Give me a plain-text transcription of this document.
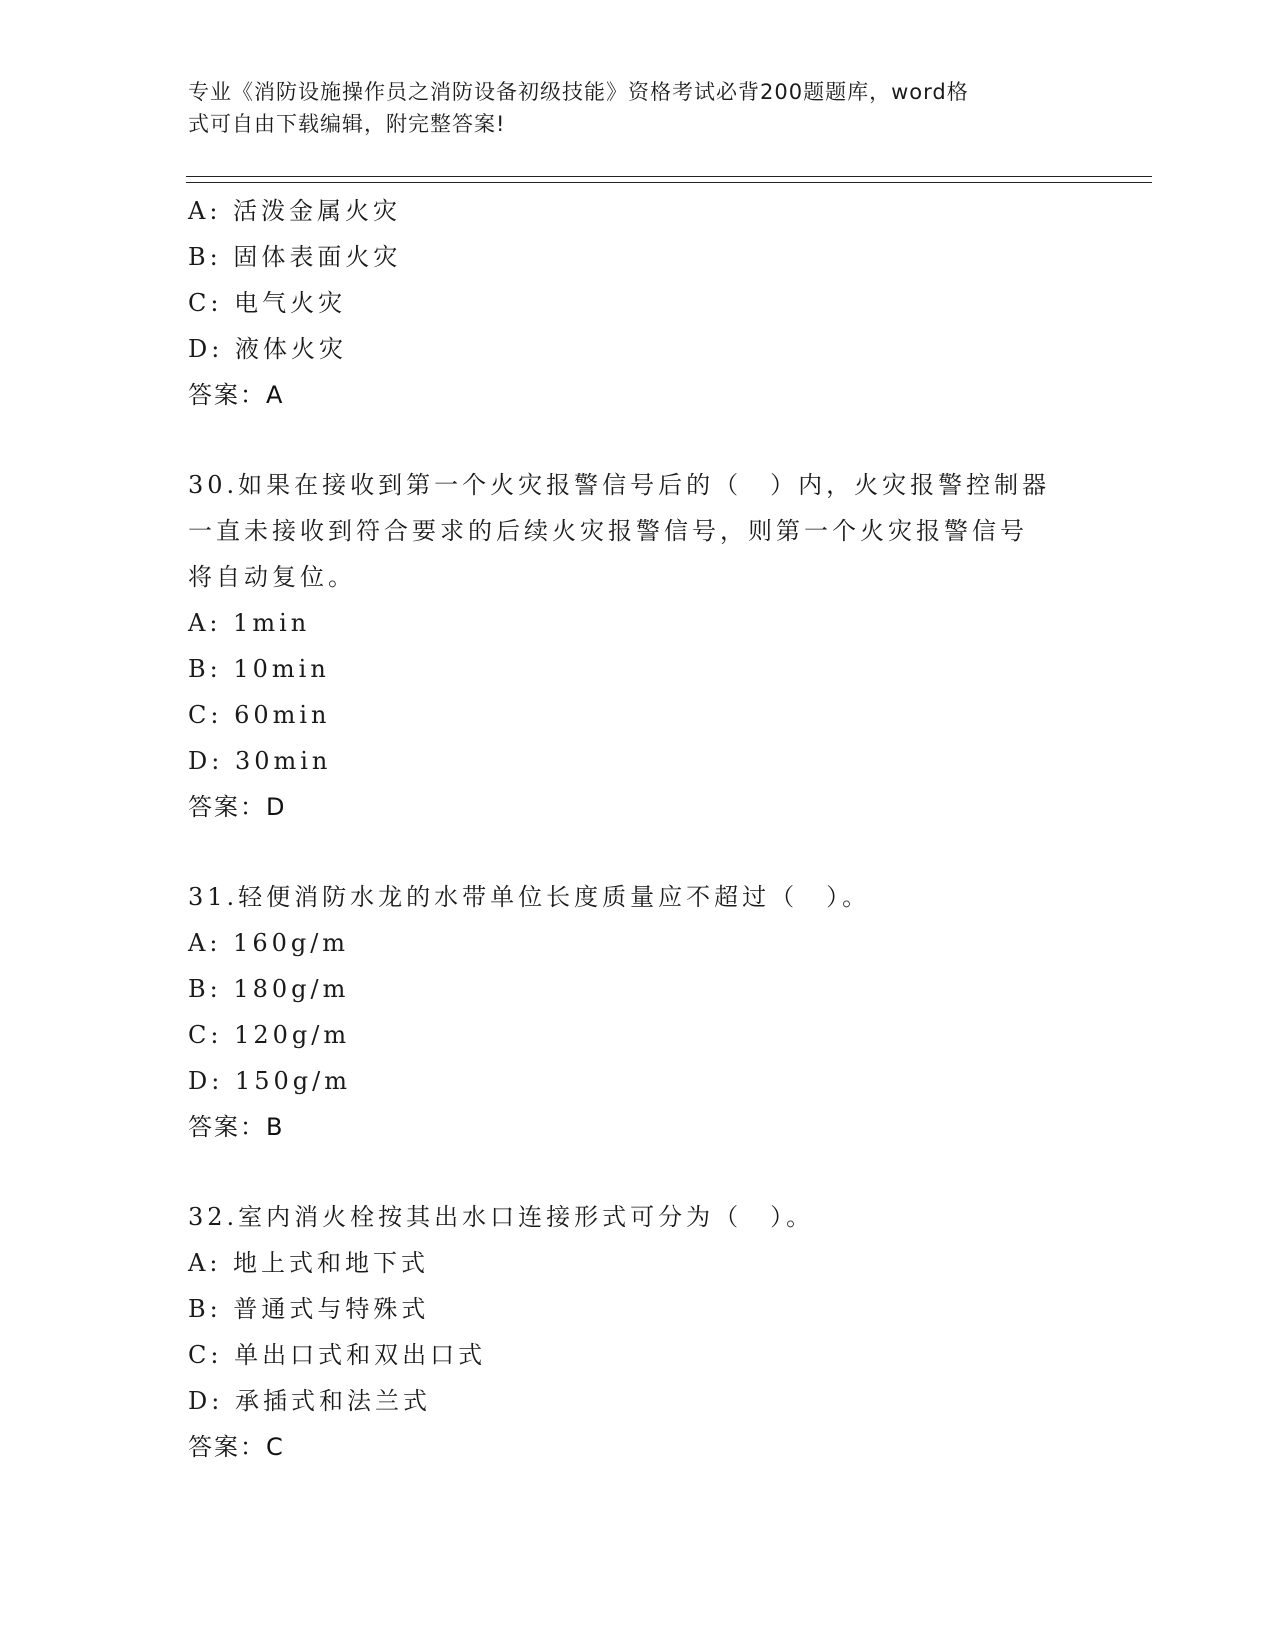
专业《消防设施操作员之消防设备初级技能》资格考试必背200题题库，word格
式可自由下载编辑，附完整答案!
A: 活泼金属火灾
B: 固体表面火灾
C: 电气火灾
D: 液体火灾
答案：A
30.如果在接收到第一个火灾报警信号后的（　）内，火灾报警控制器
一直未接收到符合要求的后续火灾报警信号，则第一个火灾报警信号
将自动复位。
A: 1min
B: 10min
C: 60min
D: 30min
答案：D
31.轻便消防水龙的水带单位长度质量应不超过（　）。
A: 160g/m
B: 180g/m
C: 120g/m
D: 150g/m
答案：B
32.室内消火栓按其出水口连接形式可分为（　）。
A: 地上式和地下式
B: 普通式与特殊式
C: 单出口式和双出口式
D: 承插式和法兰式
答案：C
